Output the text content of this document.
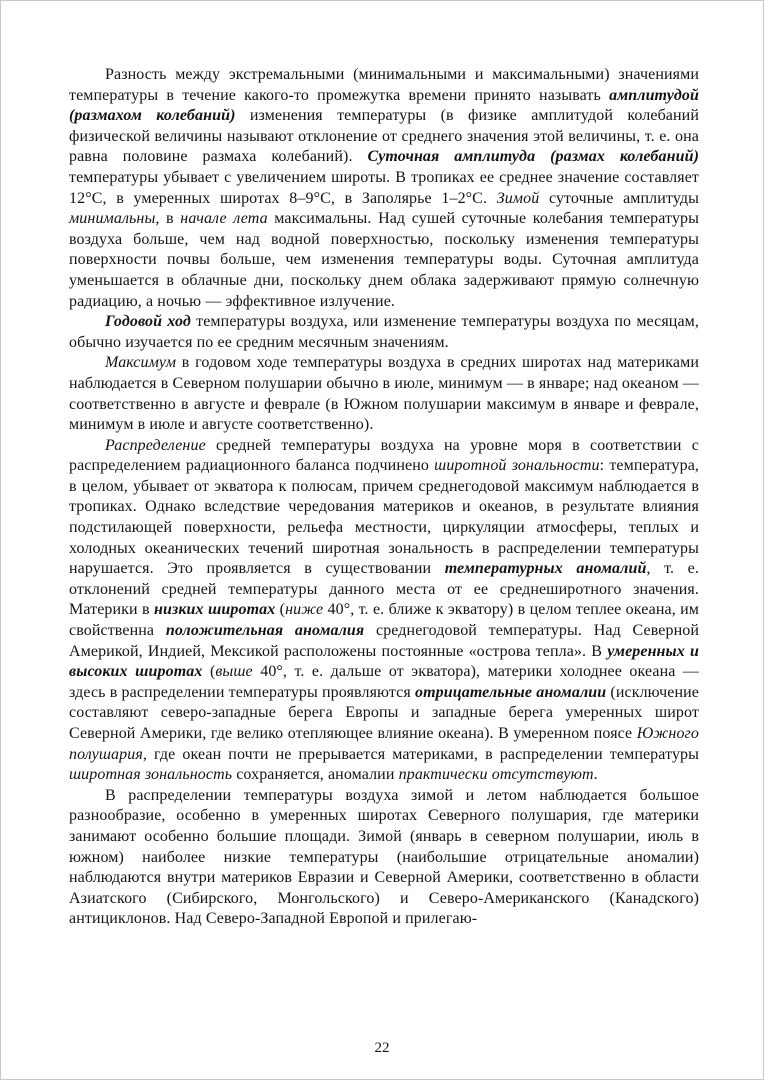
Разность между экстремальными (минимальными и максимальными) значениями температуры в течение какого-то промежутка времени принято называть амплитудой (размахом колебаний) изменения температуры (в физике амплитудой колебаний физической величины называют отклонение от среднего значения этой величины, т. е. она равна половине размаха колебаний). Суточная амплитуда (размах колебаний) температуры убывает с увеличением широты. В тропиках ее среднее значение составляет 12°С, в умеренных широтах 8–9°С, в Заполярье 1–2°С. Зимой суточные амплитуды минимальны, в начале лета максимальны. Над сушей суточные колебания температуры воздуха больше, чем над водной поверхностью, поскольку изменения температуры поверхности почвы больше, чем изменения температуры воды. Суточная амплитуда уменьшается в облачные дни, поскольку днем облака задерживают прямую солнечную радиацию, а ночью — эффективное излучение.

Годовой ход температуры воздуха, или изменение температуры воздуха по месяцам, обычно изучается по ее средним месячным значениям.

Максимум в годовом ходе температуры воздуха в средних широтах над материками наблюдается в Северном полушарии обычно в июле, минимум — в январе; над океаном — соответственно в августе и феврале (в Южном полушарии максимум в январе и феврале, минимум в июле и августе соответственно).

Распределение средней температуры воздуха на уровне моря в соответствии с распределением радиационного баланса подчинено широтной зональности: температура, в целом, убывает от экватора к полюсам, причем среднегодовой максимум наблюдается в тропиках. Однако вследствие чередования материков и океанов, в результате влияния подстилающей поверхности, рельефа местности, циркуляции атмосферы, теплых и холодных океанических течений широтная зональность в распределении температуры нарушается. Это проявляется в существовании температурных аномалий, т. е. отклонений средней температуры данного места от ее среднеширотного значения. Материки в низких широтах (ниже 40°, т. е. ближе к экватору) в целом теплее океана, им свойственна положительная аномалия среднегодовой температуры. Над Северной Америкой, Индией, Мексикой расположены постоянные «острова тепла». В умеренных и высоких широтах (выше 40°, т. е. дальше от экватора), материки холоднее океана — здесь в распределении температуры проявляются отрицательные аномалии (исключение составляют северо-западные берега Европы и западные берега умеренных широт Северной Америки, где велико отепляющее влияние океана). В умеренном поясе Южного полушария, где океан почти не прерывается материками, в распределении температуры широтная зональность сохраняется, аномалии практически отсутствуют.

В распределении температуры воздуха зимой и летом наблюдается большое разнообразие, особенно в умеренных широтах Северного полушария, где материки занимают особенно большие площади. Зимой (январь в северном полушарии, июль в южном) наиболее низкие температуры (наибольшие отрицательные аномалии) наблюдаются внутри материков Евразии и Северной Америки, соответственно в области Азиатского (Сибирского, Монгольского) и Северо-Американского (Канадского) антициклонов. Над Северо-Западной Европой и прилегаю-

22
